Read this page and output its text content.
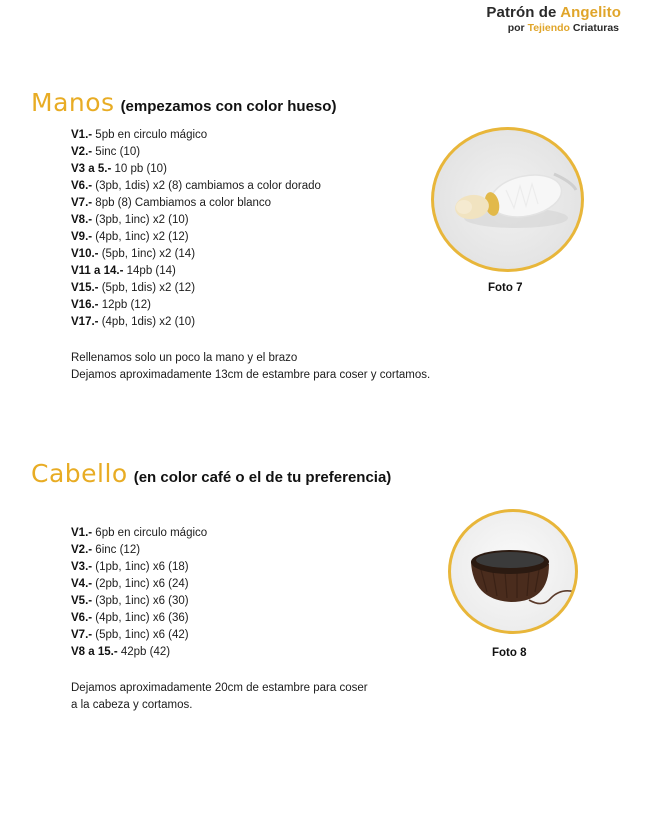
Patrón de Angelito
por Tejiendo Criaturas
Manos (empezamos con color hueso)
V1.- 5pb en circulo mágico
V2.- 5inc (10)
V3 a 5.- 10 pb (10)
V6.- (3pb, 1dis) x2 (8) cambiamos a color dorado
V7.- 8pb (8) Cambiamos a color blanco
V8.- (3pb, 1inc) x2 (10)
V9.- (4pb, 1inc) x2 (12)
V10.- (5pb, 1inc) x2 (14)
V11 a 14.- 14pb (14)
V15.- (5pb, 1dis) x2 (12)
V16.- 12pb (12)
V17.- (4pb, 1dis) x2 (10)
Rellenamos solo un poco la mano y el brazo
Dejamos aproximadamente 13cm de estambre para coser y cortamos.
Foto 7
Cabello (en color café o el de tu preferencia)
V1.- 6pb en circulo mágico
V2.- 6inc (12)
V3.- (1pb, 1inc) x6 (18)
V4.- (2pb, 1inc) x6 (24)
V5.- (3pb, 1inc) x6 (30)
V6.- (4pb, 1inc) x6 (36)
V7.- (5pb, 1inc) x6 (42)
V8 a 15.- 42pb (42)
Dejamos aproximadamente 20cm de estambre para coser
a la cabeza y cortamos.
Foto 8
